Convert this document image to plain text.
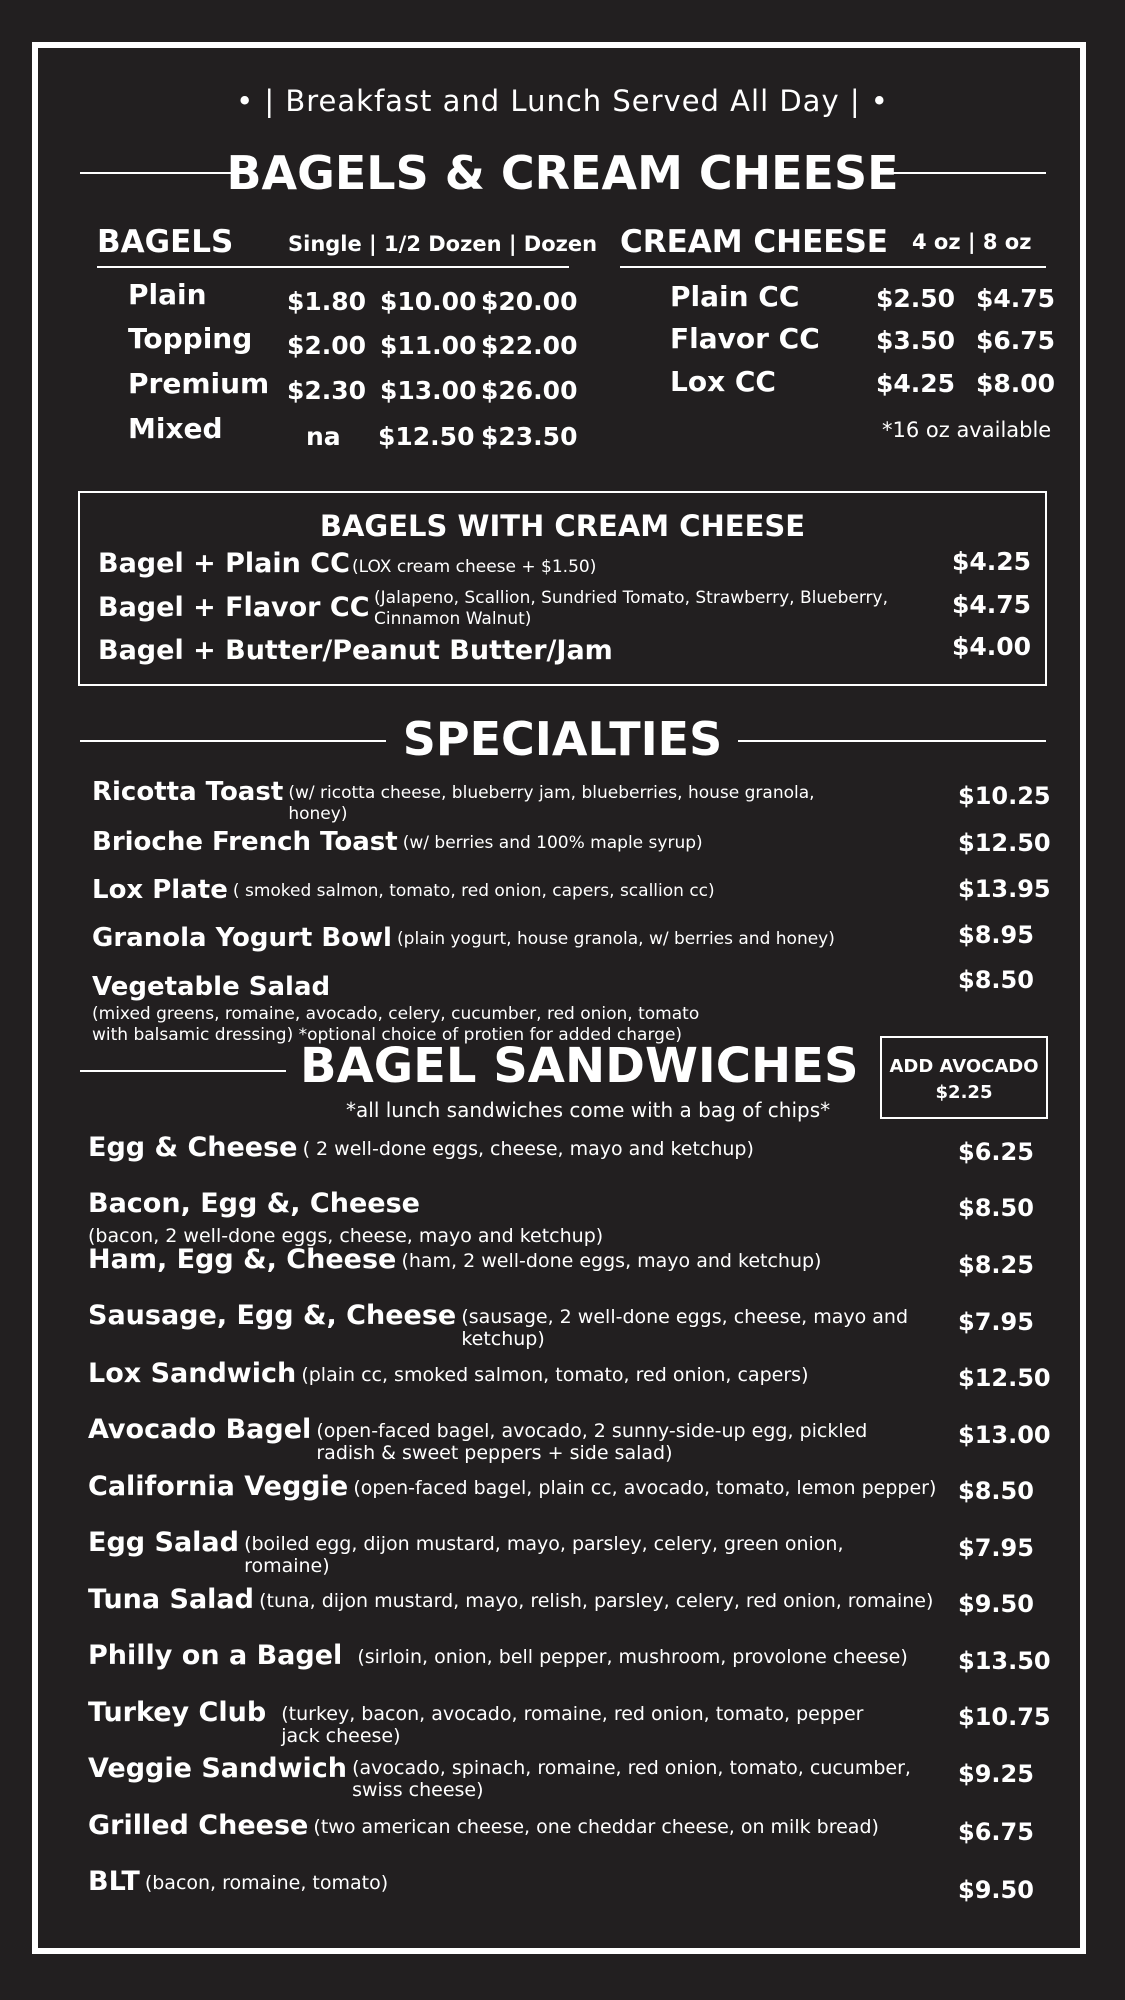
• | Breakfast and Lunch Served All Day | •
BAGELS & CREAM CHEESE
BAGELS	Single | 1/2 Dozen | Dozen
Plain	$1.80 $10.00 $20.00
Topping $2.00 $11.00 $22.00
Premium $2.30 $13.00 $26.00
Mixed	na $12.50 $23.50
CREAM CHEESE 4 oz | 8 oz
Plain CC	$2.50 $4.75
Flavor CC $3.50 $6.75
Lox CC	$4.25 $8.00
*16 oz available
BAGELS WITH CREAM CHEESE
Bagel + Plain CC (LOX cream cheese + $1.50)	$4.25
Bagel + Flavor CC (Jalapeno, Scallion, Sundried Tomato, Strawberry, Blueberry, Cinnamon Walnut)	$4.75
Bagel + Butter/Peanut Butter/Jam	$4.00
SPECIALTIES
Ricotta Toast (w/ ricotta cheese, blueberry jam, blueberries, house granola, honey)
$10.25
Brioche French Toast (w/ berries and 100% maple syrup)	$12.50
Lox Plate ( smoked salmon, tomato, red onion, capers, scallion cc)	$13.95
Granola Yogurt Bowl (plain yogurt, house granola, w/ berries and honey)	$8.95
Vegetable Salad (mixed greens, romaine, avocado, celery, cucumber, red onion, tomato with balsamic dressing) *optional choice of protien for added charge)
$8.50
BAGEL SANDWICHES
*all lunch sandwiches come with a bag of chips*
ADD AVOCADO
$2.25
Egg & Cheese ( 2 well-done eggs, cheese, mayo and ketchup)	$6.25
Bacon, Egg &, Cheese (bacon, 2 well-done eggs, cheese, mayo and ketchup)
$8.50
Ham, Egg &, Cheese (ham, 2 well-done eggs, mayo and ketchup)	$8.25
Sausage, Egg &, Cheese (sausage, 2 well-done eggs, cheese, mayo and ketchup)
$7.95
Lox Sandwich (plain cc, smoked salmon, tomato, red onion, capers)	$12.50
Avocado Bagel (open-faced bagel, avocado, 2 sunny-side-up egg, pickled radish & sweet peppers + side salad)
$13.00
California Veggie (open-faced bagel, plain cc, avocado, tomato, lemon pepper) $8.50
Egg Salad (boiled egg, dijon mustard, mayo, parsley, celery, green onion, romaine)
$7.95
Tuna Salad (tuna, dijon mustard, mayo, relish, parsley, celery, red onion, romaine)	$9.50
Philly on a Bagel (sirloin, onion, bell pepper, mushroom, provolone cheese)	$13.50
Turkey Club (turkey, bacon, avocado, romaine, red onion, tomato, pepper jack cheese)
$10.75
Veggie Sandwich (avocado, spinach, romaine, red onion, tomato, cucumber, swiss cheese)
$9.25
Grilled Cheese (two american cheese, one cheddar cheese, on milk bread)	$6.75
BLT (bacon, romaine, tomato)	$9.50
